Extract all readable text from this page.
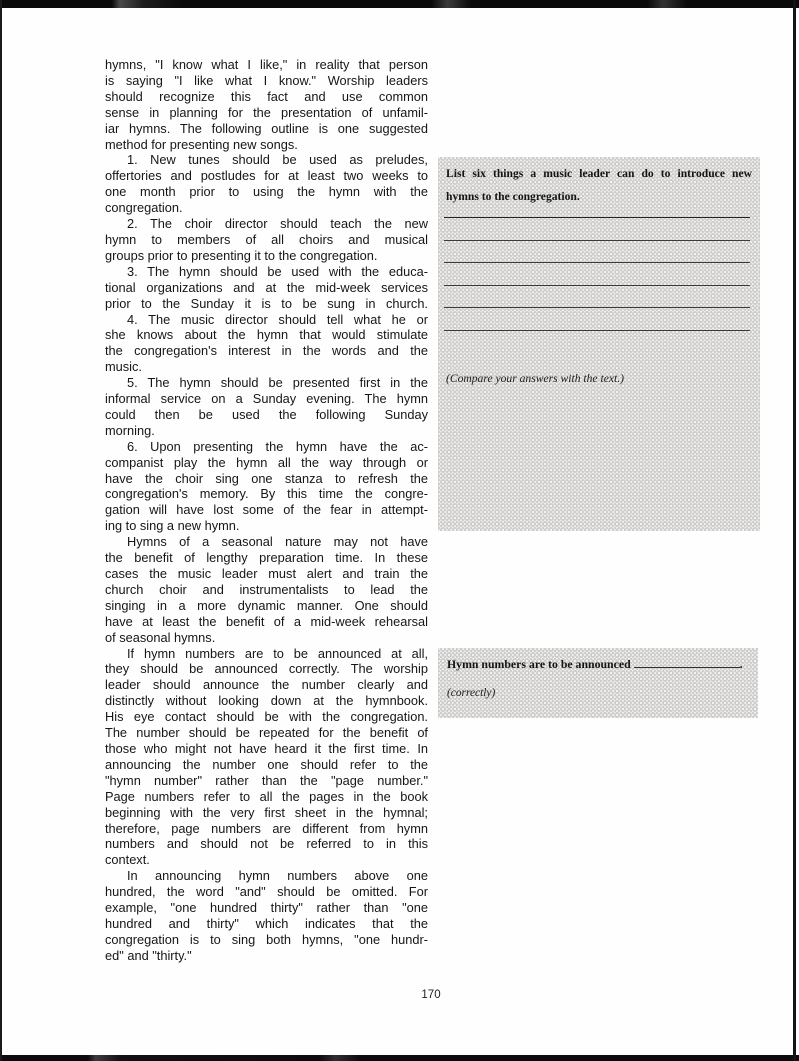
hymns, "I know what I like," in reality that person
is saying "I like what I know." Worship leaders
should recognize this fact and use common
sense in planning for the presentation of unfamil-
iar hymns. The following outline is one suggested
method for presenting new songs.
1. New tunes should be used as preludes,
offertories and postludes for at least two weeks to
one month prior to using the hymn with the
congregation.
2. The choir director should teach the new
hymn to members of all choirs and musical
groups prior to presenting it to the congregation.
3. The hymn should be used with the educa-
tional organizations and at the mid-week services
prior to the Sunday it is to be sung in church.
4. The music director should tell what he or
she knows about the hymn that would stimulate
the congregation's interest in the words and the
music.
5. The hymn should be presented first in the
informal service on a Sunday evening. The hymn
could then be used the following Sunday
morning.
6. Upon presenting the hymn have the ac-
companist play the hymn all the way through or
have the choir sing one stanza to refresh the
congregation's memory. By this time the congre-
gation will have lost some of the fear in attempt-
ing to sing a new hymn.
Hymns of a seasonal nature may not have
the benefit of lengthy preparation time. In these
cases the music leader must alert and train the
church choir and instrumentalists to lead the
singing in a more dynamic manner. One should
have at least the benefit of a mid-week rehearsal
of seasonal hymns.
If hymn numbers are to be announced at all,
they should be announced correctly. The worship
leader should announce the number clearly and
distinctly without looking down at the hymnbook.
His eye contact should be with the congregation.
The number should be repeated for the benefit of
those who might not have heard it the first time. In
announcing the number one should refer to the
"hymn number" rather than the "page number."
Page numbers refer to all the pages in the book
beginning with the very first sheet in the hymnal;
therefore, page numbers are different from hymn
numbers and should not be referred to in this
context.
In announcing hymn numbers above one
hundred, the word "and" should be omitted. For
example, "one hundred thirty" rather than "one
hundred and thirty" which indicates that the
congregation is to sing both hymns, "one hundr-
ed" and "thirty."
List six things a music leader can do to introduce new
hymns to the congregation.
(Compare your answers with the text.)
Hymn numbers are to be announced	.
(correctly)
170
